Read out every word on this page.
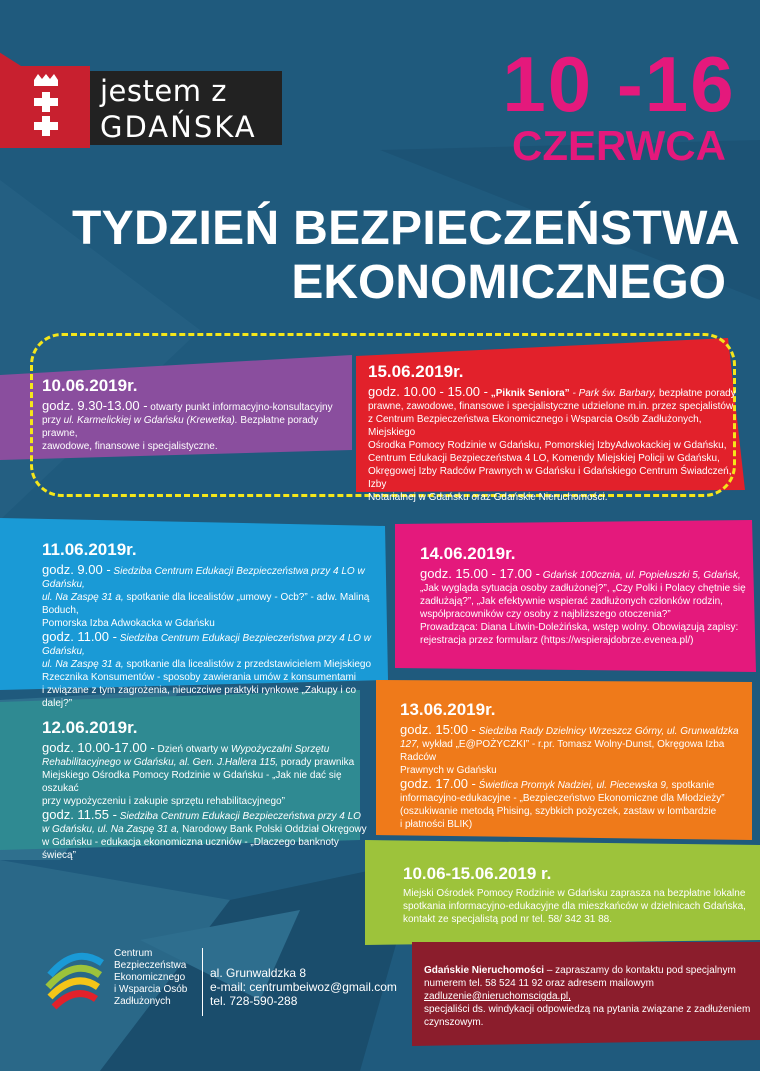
jestem z
GDAŃSKA	10 -16
CZERWCA
TYDZIEŃ BEZPIECZEŃSTWA
EKONOMICZNEGO
10.06.2019r.

godz. 9.30-13.00 - otwarty punkt informacyjno-konsultacyjny
przy ul. Karmelickiej w Gdańsku (Krewetka). Bezpłatne porady prawne,
zawodowe, finansowe i specjalistyczne.

15.06.2019r.

godz. 10.00 - 15.00 - „Piknik Seniora” - Park św. Barbary, bezpłatne porady
prawne, zawodowe, finansowe i specjalistyczne udzielone m.in. przez specjalistów
z Centrum Bezpieczeństwa Ekonomicznego i Wsparcia Osób Zadłużonych, Miejskiego
Ośrodka Pomocy Rodzinie w Gdańsku, Pomorskiej IzbyAdwokackiej w Gdańsku,
Centrum Edukacji Bezpieczeństwa 4 LO, Komendy Miejskiej Policji w Gdańsku,
Okręgowej Izby Radców Prawnych w Gdańsku i Gdańskiego Centrum Świadczeń, Izby
Notarialnej w Gdańsku oraz Gdańskie Nieruchomości.

11.06.2019r.

godz. 9.00 - Siedziba Centrum Edukacji Bezpieczeństwa przy 4 LO w Gdańsku,
ul. Na Zaspę 31 a, spotkanie dla licealistów „umowy - Ocb?” - adw. Maliną Boduch,
Pomorska Izba Adwokacka w Gdańsku
godz. 11.00 - Siedziba Centrum Edukacji Bezpieczeństwa przy 4 LO w Gdańsku,
ul. Na Zaspę 31 a, spotkanie dla licealistów z przedstawicielem Miejskiego
Rzecznika Konsumentów - sposoby zawierania umów z konsumentami
i związane z tym zagrożenia, nieuczciwe praktyki rynkowe „Zakupy i co dalej?”

14.06.2019r.

godz. 15.00 - 17.00 - Gdańsk 100cznia, ul. Popiełuszki 5, Gdańsk,
„Jak wygląda sytuacja osoby zadłużonej?”, „Czy Polki i Polacy chętnie się
zadłużają?”, „Jak efektywnie wspierać zadłużonych członków rodzin,
współpracowników czy osoby z najbliższego otoczenia?”
Prowadząca: Diana Litwin-Doleżińska, wstęp wolny. Obowiązują zapisy:
rejestracja przez formularz (https://wspierajdobrze.evenea.pl/)

12.06.2019r.

godz. 10.00-17.00 - Dzień otwarty w Wypożyczalni Sprzętu
Rehabilitacyjnego w Gdańsku, al. Gen. J.Hallera 115, porady prawnika
Miejskiego Ośrodka Pomocy Rodzinie w Gdańsku - „Jak nie dać się oszukać
przy wypożyczeniu i zakupie sprzętu rehabilitacyjnego”
godz. 11.55 - Siedziba Centrum Edukacji Bezpieczeństwa przy 4 LO
w Gdańsku, ul. Na Zaspę 31 a, Narodowy Bank Polski Oddział Okręgowy
w Gdańsku - edukacja ekonomiczna uczniów - „Dlaczego banknoty świecą”

13.06.2019r.

godz. 15:00 - Siedziba Rady Dzielnicy Wrzeszcz Górny, ul. Grunwaldzka
127, wykład „E@POŻYCZKI” - r.pr. Tomasz Wolny-Dunst, Okręgowa Izba Radców
Prawnych w Gdańsku
godz. 17.00 - Świetlica Promyk Nadziei, ul. Piecewska 9, spotkanie
informacyjno-edukacyjne - „Bezpieczeństwo Ekonomiczne dla Młodzieży”
(oszukiwanie metodą Phising, szybkich pożyczek, zastaw w lombardzie
i płatności BLIK)

10.06-15.06.2019 r.

Miejski Ośrodek Pomocy Rodzinie w Gdańsku zaprasza na bezpłatne lokalne
spotkania informacyjno-edukacyjne dla mieszkańców w dzielnicach Gdańska,
kontakt ze specjalistą pod nr tel. 58/ 342 31 88.

Centrum
Bezpieczeństwa
Ekonomicznego
i Wsparcia Osób
Zadłużonych
al. Grunwaldzka 8
e-mail: centrumbeiwoz@gmail.com
tel. 728-590-288

Gdańskie Nieruchomości – zapraszamy do kontaktu pod specjalnym
numerem tel. 58 524 11 92 oraz adresem mailowym
zadluzenie@nieruchomscigda.pl,
specjaliści ds. windykacji odpowiedzą na pytania związane z zadłużeniem
czynszowym.
